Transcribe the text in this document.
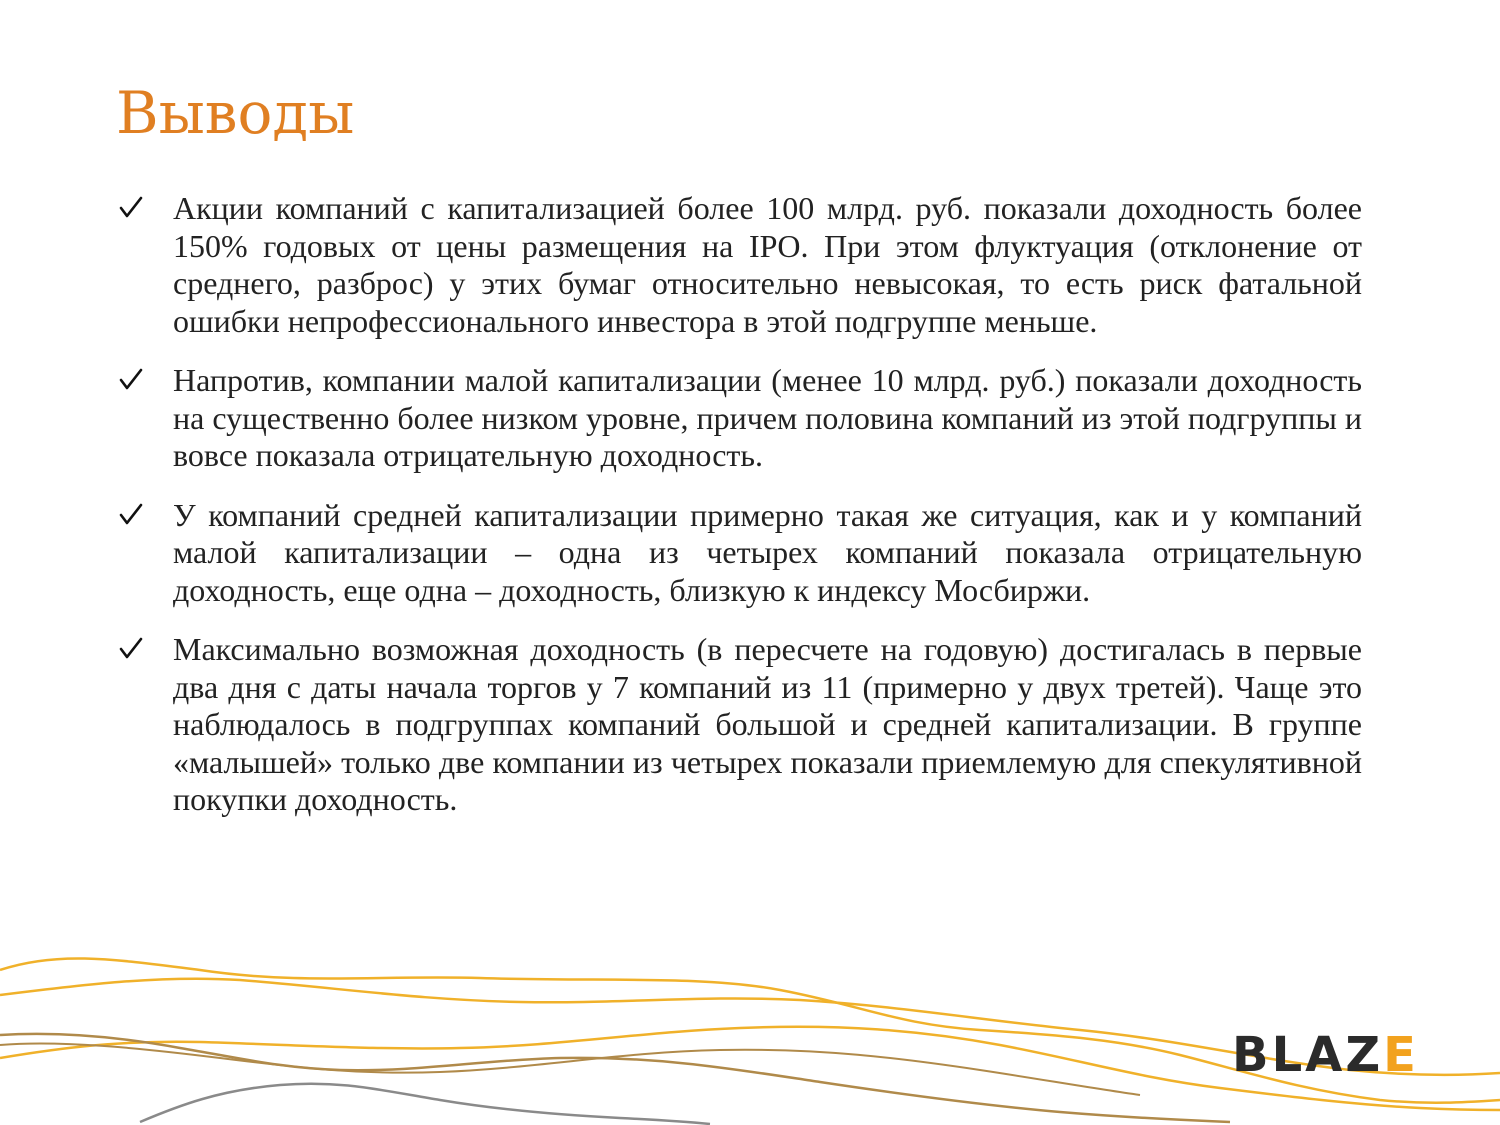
Выводы
Акции компаний с капитализацией более 100 млрд. руб. показали доходность более 150% годовых от цены размещения на IPO. При этом флуктуация (отклонение от среднего, разброс) у этих бумаг относительно невысокая, то есть риск фатальной ошибки непрофессионального инвестора в этой подгруппе меньше.
Напротив, компании малой капитализации (менее 10 млрд. руб.) показали доходность на существенно более низком уровне, причем половина компаний из этой подгруппы и вовсе показала отрицательную доходность.
У компаний средней капитализации примерно такая же ситуация, как и у компаний малой капитализации – одна из четырех компаний показала отрицательную доходность, еще одна – доходность, близкую к индексу Мосбиржи.
Максимально возможная доходность (в пересчете на годовую) достигалась в первые два дня с даты начала торгов у 7 компаний из 11 (примерно у двух третей). Чаще это наблюдалось в подгруппах компаний большой и средней капитализации. В группе «малышей» только две компании из четырех показали приемлемую для спекулятивной покупки доходность.
BLAZ E
